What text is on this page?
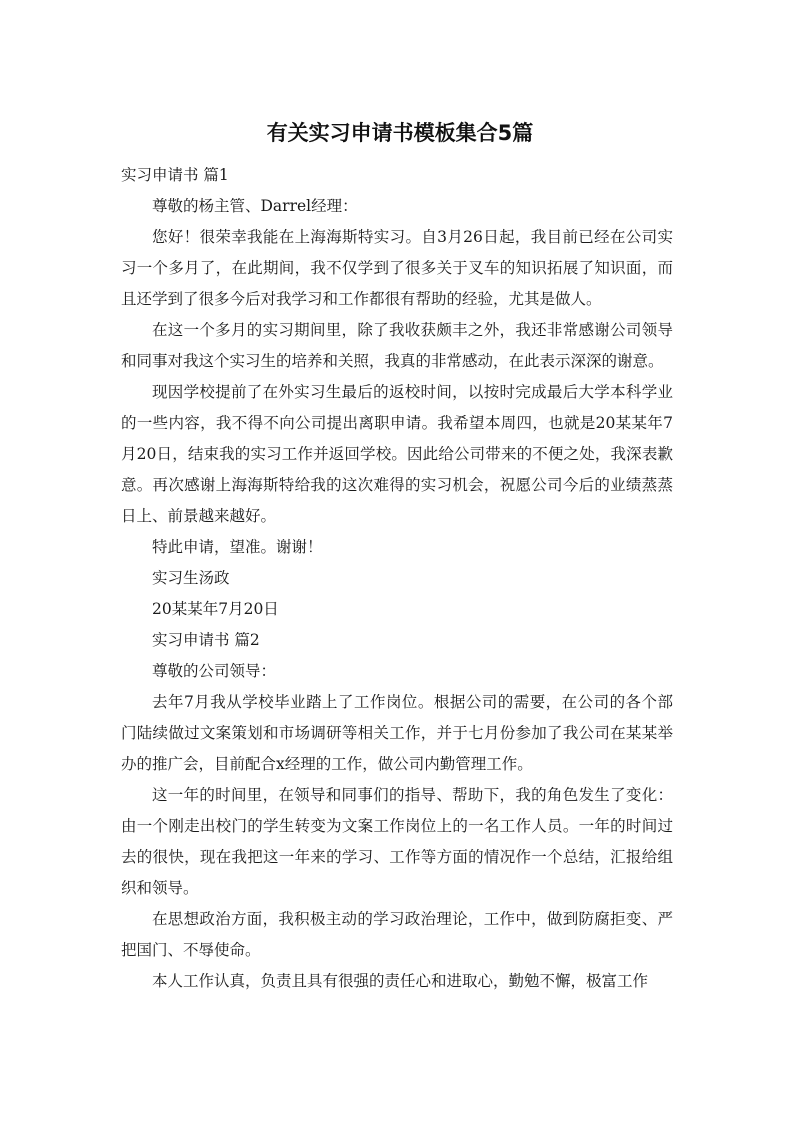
有关实习申请书模板集合5篇

实习申请书 篇1

尊敬的杨主管、Darrel经理：

您好！很荣幸我能在上海海斯特实习。自3月26日起，我目前已经在公司实习一个多月了，在此期间，我不仅学到了很多关于叉车的知识拓展了知识面，而且还学到了很多今后对我学习和工作都很有帮助的经验，尤其是做人。

在这一个多月的实习期间里，除了我收获颇丰之外，我还非常感谢公司领导和同事对我这个实习生的培养和关照，我真的非常感动，在此表示深深的谢意。

现因学校提前了在外实习生最后的返校时间，以按时完成最后大学本科学业的一些内容，我不得不向公司提出离职申请。我希望本周四，也就是20某某年7月20日，结束我的实习工作并返回学校。因此给公司带来的不便之处，我深表歉意。再次感谢上海海斯特给我的这次难得的实习机会，祝愿公司今后的业绩蒸蒸日上、前景越来越好。

特此申请，望准。谢谢！

实习生汤政

20某某年7月20日

实习申请书 篇2

尊敬的公司领导：

去年7月我从学校毕业踏上了工作岗位。根据公司的需要，在公司的各个部门陆续做过文案策划和市场调研等相关工作，并于七月份参加了我公司在某某举办的推广会，目前配合x经理的工作，做公司内勤管理工作。

这一年的时间里，在领导和同事们的指导、帮助下，我的角色发生了变化：由一个刚走出校门的学生转变为文案工作岗位上的一名工作人员。一年的时间过去的很快，现在我把这一年来的学习、工作等方面的情况作一个总结，汇报给组织和领导。

在思想政治方面，我积极主动的学习政治理论，工作中，做到防腐拒变、严把国门、不辱使命。

本人工作认真，负责且具有很强的责任心和进取心，勤勉不懈，极富工作
